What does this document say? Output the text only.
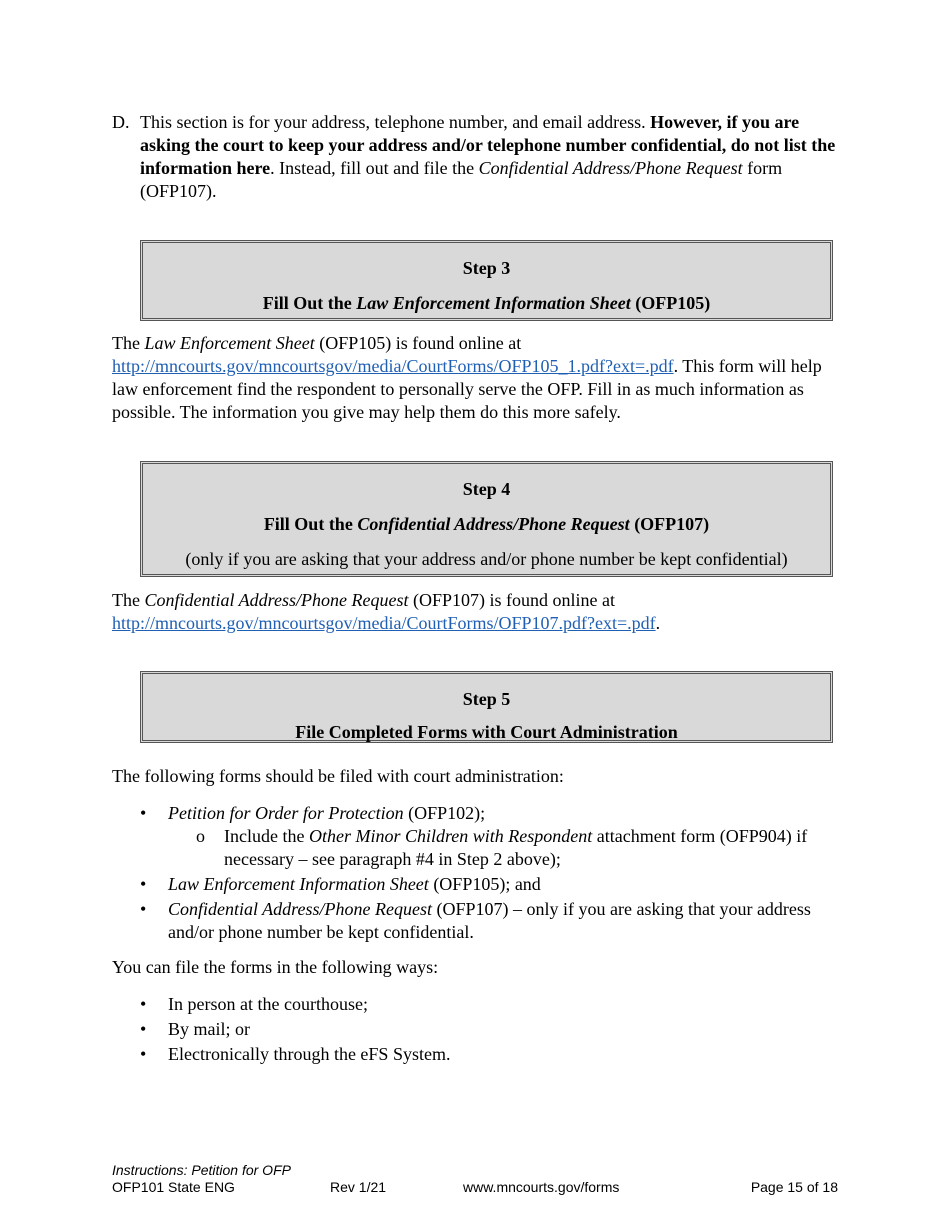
D. This section is for your address, telephone number, and email address. However, if you are asking the court to keep your address and/or telephone number confidential, do not list the information here. Instead, fill out and file the Confidential Address/Phone Request form (OFP107).
Step 3
Fill Out the Law Enforcement Information Sheet (OFP105)
The Law Enforcement Sheet (OFP105) is found online at http://mncourts.gov/mncourtsgov/media/CourtForms/OFP105_1.pdf?ext=.pdf. This form will help law enforcement find the respondent to personally serve the OFP. Fill in as much information as possible. The information you give may help them do this more safely.
Step 4
Fill Out the Confidential Address/Phone Request (OFP107)
(only if you are asking that your address and/or phone number be kept confidential)
The Confidential Address/Phone Request (OFP107) is found online at http://mncourts.gov/mncourtsgov/media/CourtForms/OFP107.pdf?ext=.pdf.
Step 5
File Completed Forms with Court Administration
The following forms should be filed with court administration:
• Petition for Order for Protection (OFP102);
o Include the Other Minor Children with Respondent attachment form (OFP904) if necessary – see paragraph #4 in Step 2 above);
• Law Enforcement Information Sheet (OFP105); and
• Confidential Address/Phone Request (OFP107) – only if you are asking that your address and/or phone number be kept confidential.
You can file the forms in the following ways:
• In person at the courthouse;
• By mail; or
• Electronically through the eFS System.
Instructions: Petition for OFP
OFP101 State ENG	Rev 1/21	www.mncourts.gov/forms	Page 15 of 18
